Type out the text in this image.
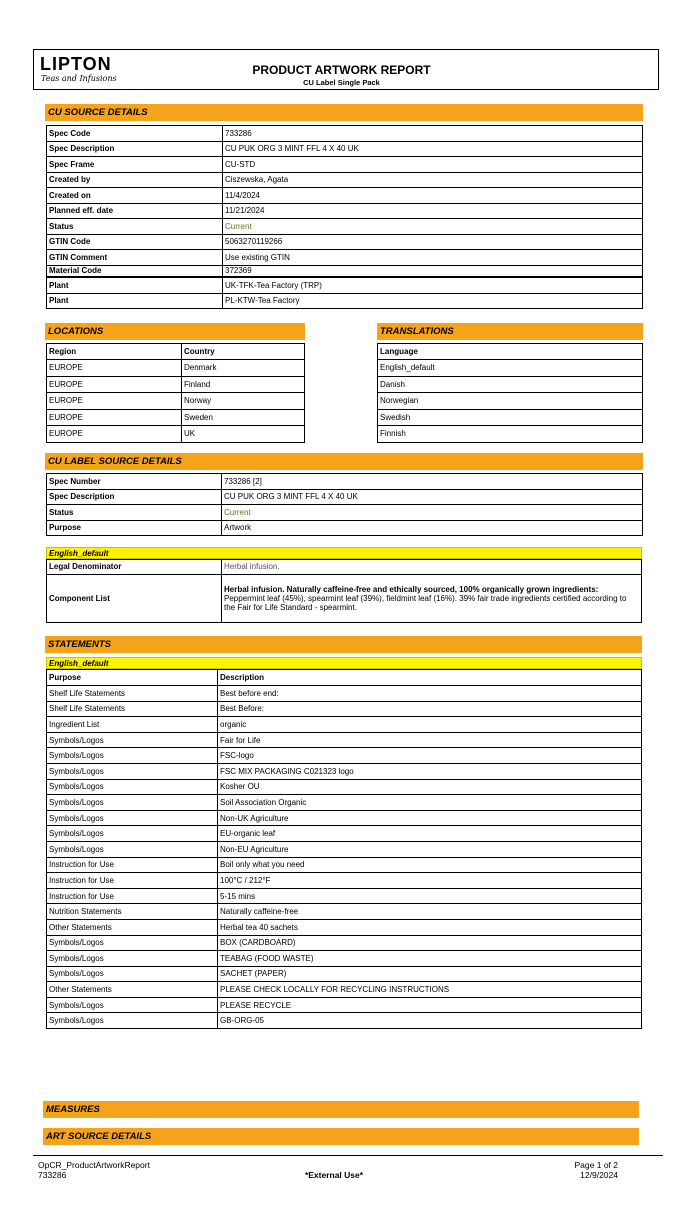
LIPTON
Teas and Infusions
PRODUCT ARTWORK REPORT
CU Label Single Pack
CU SOURCE DETAILS
Spec Code	733286
Spec Description	CU PUK ORG 3 MINT FFL 4 X 40 UK
Spec Frame	CU-STD
Created by	Ciszewska, Agata
Created on	11/4/2024
Planned eff. date	11/21/2024
Status	Current
GTIN Code	5063270119266
GTIN Comment	Use existing GTIN
Material Code	372369
Plant	UK-TFK-Tea Factory (TRP)
Plant	PL-KTW-Tea Factory
LOCATIONS
Region	Country
EUROPE	Denmark
EUROPE	Finland
EUROPE	Norway
EUROPE	Sweden
EUROPE	UK
TRANSLATIONS
Language
English_default
Danish
Norwegian
Swedish
Finnish
CU LABEL SOURCE DETAILS
Spec Number	733286 [2]
Spec Description	CU PUK ORG 3 MINT FFL 4 X 40 UK
Status	Current
Purpose	Artwork
English_default
Legal Denominator	Herbal infusion.
Component List	Herbal infusion. Naturally caffeine-free and ethically sourced, 100% organically grown ingredients: Peppermint leaf (45%), spearmint leaf (39%), fieldmint leaf (16%). 39% fair trade ingredients certified according to the Fair for Life Standard - spearmint.
STATEMENTS
English_default
Purpose	Description
Shelf Life Statements	Best before end:
Shelf Life Statements	Best Before:
Ingredient List	organic
Symbols/Logos	Fair for Life
Symbols/Logos	FSC-logo
Symbols/Logos	FSC MIX PACKAGING C021323 logo
Symbols/Logos	Kosher OU
Symbols/Logos	Soil Association Organic
Symbols/Logos	Non-UK Agriculture
Symbols/Logos	EU-organic leaf
Symbols/Logos	Non-EU Agriculture
Instruction for Use	Boil only what you need
Instruction for Use	100°C / 212°F
Instruction for Use	5-15 mins
Nutrition Statements	Naturally caffeine-free
Other Statements	Herbal tea 40 sachets
Symbols/Logos	BOX (CARDBOARD)
Symbols/Logos	TEABAG (FOOD WASTE)
Symbols/Logos	SACHET (PAPER)
Other Statements	PLEASE CHECK LOCALLY FOR RECYCLING INSTRUCTIONS
Symbols/Logos	PLEASE RECYCLE
Symbols/Logos	GB-ORG-05
MEASURES
ART SOURCE DETAILS
OpCR_ProductArtworkReport
733286	*External Use*
Page 1 of 2
12/9/2024
